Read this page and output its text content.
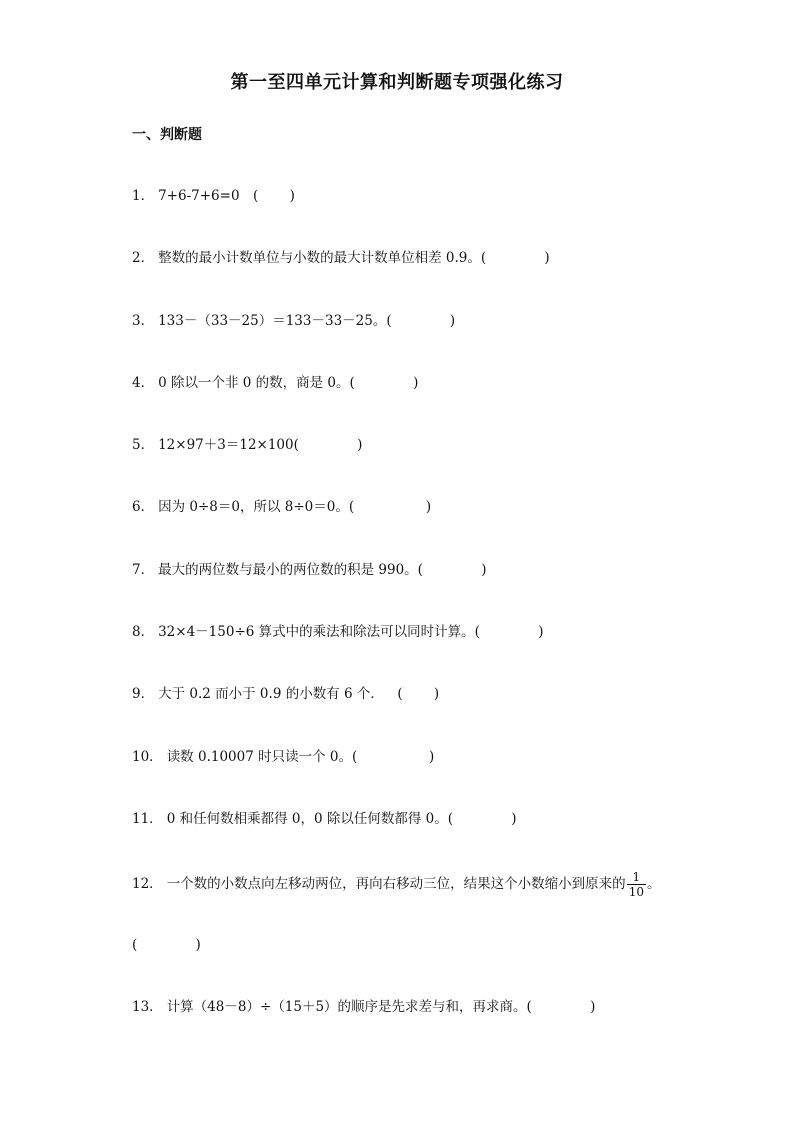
第一至四单元计算和判断题专项强化练习
一、判断题
1． 7+6-7+6=0　(　　 )
2． 整数的最小计数单位与小数的最大计数单位相差 0.9。(　　　　 )
3． 133－（33－25）＝133－33－25。(　　　　 )
4． 0 除以一个非 0 的数，商是 0。(　　　　 )
5． 12×97＋3＝12×100(　　　　 )
6． 因为 0÷8＝0，所以 8÷0＝0。(　　　　　 )
7． 最大的两位数与最小的两位数的积是 990。(　　　　 )
8． 32×4－150÷6 算式中的乘法和除法可以同时计算。(　　　　 )
9． 大于 0.2 而小于 0.9 的小数有 6 个．　(　　 )
10． 读数 0.10007 时只读一个 0。(　　　　　 )
11． 0 和任何数相乘都得 0，0 除以任何数都得 0。(　　　　 )
12． 一个数的小数点向左移动两位，再向右移动三位，结果这个小数缩小到原来的 $\frac{1}{10}$ 。
(　　　　 )
13． 计算（48－8）÷（15＋5）的顺序是先求差与和，再求商。(　　　　 )
